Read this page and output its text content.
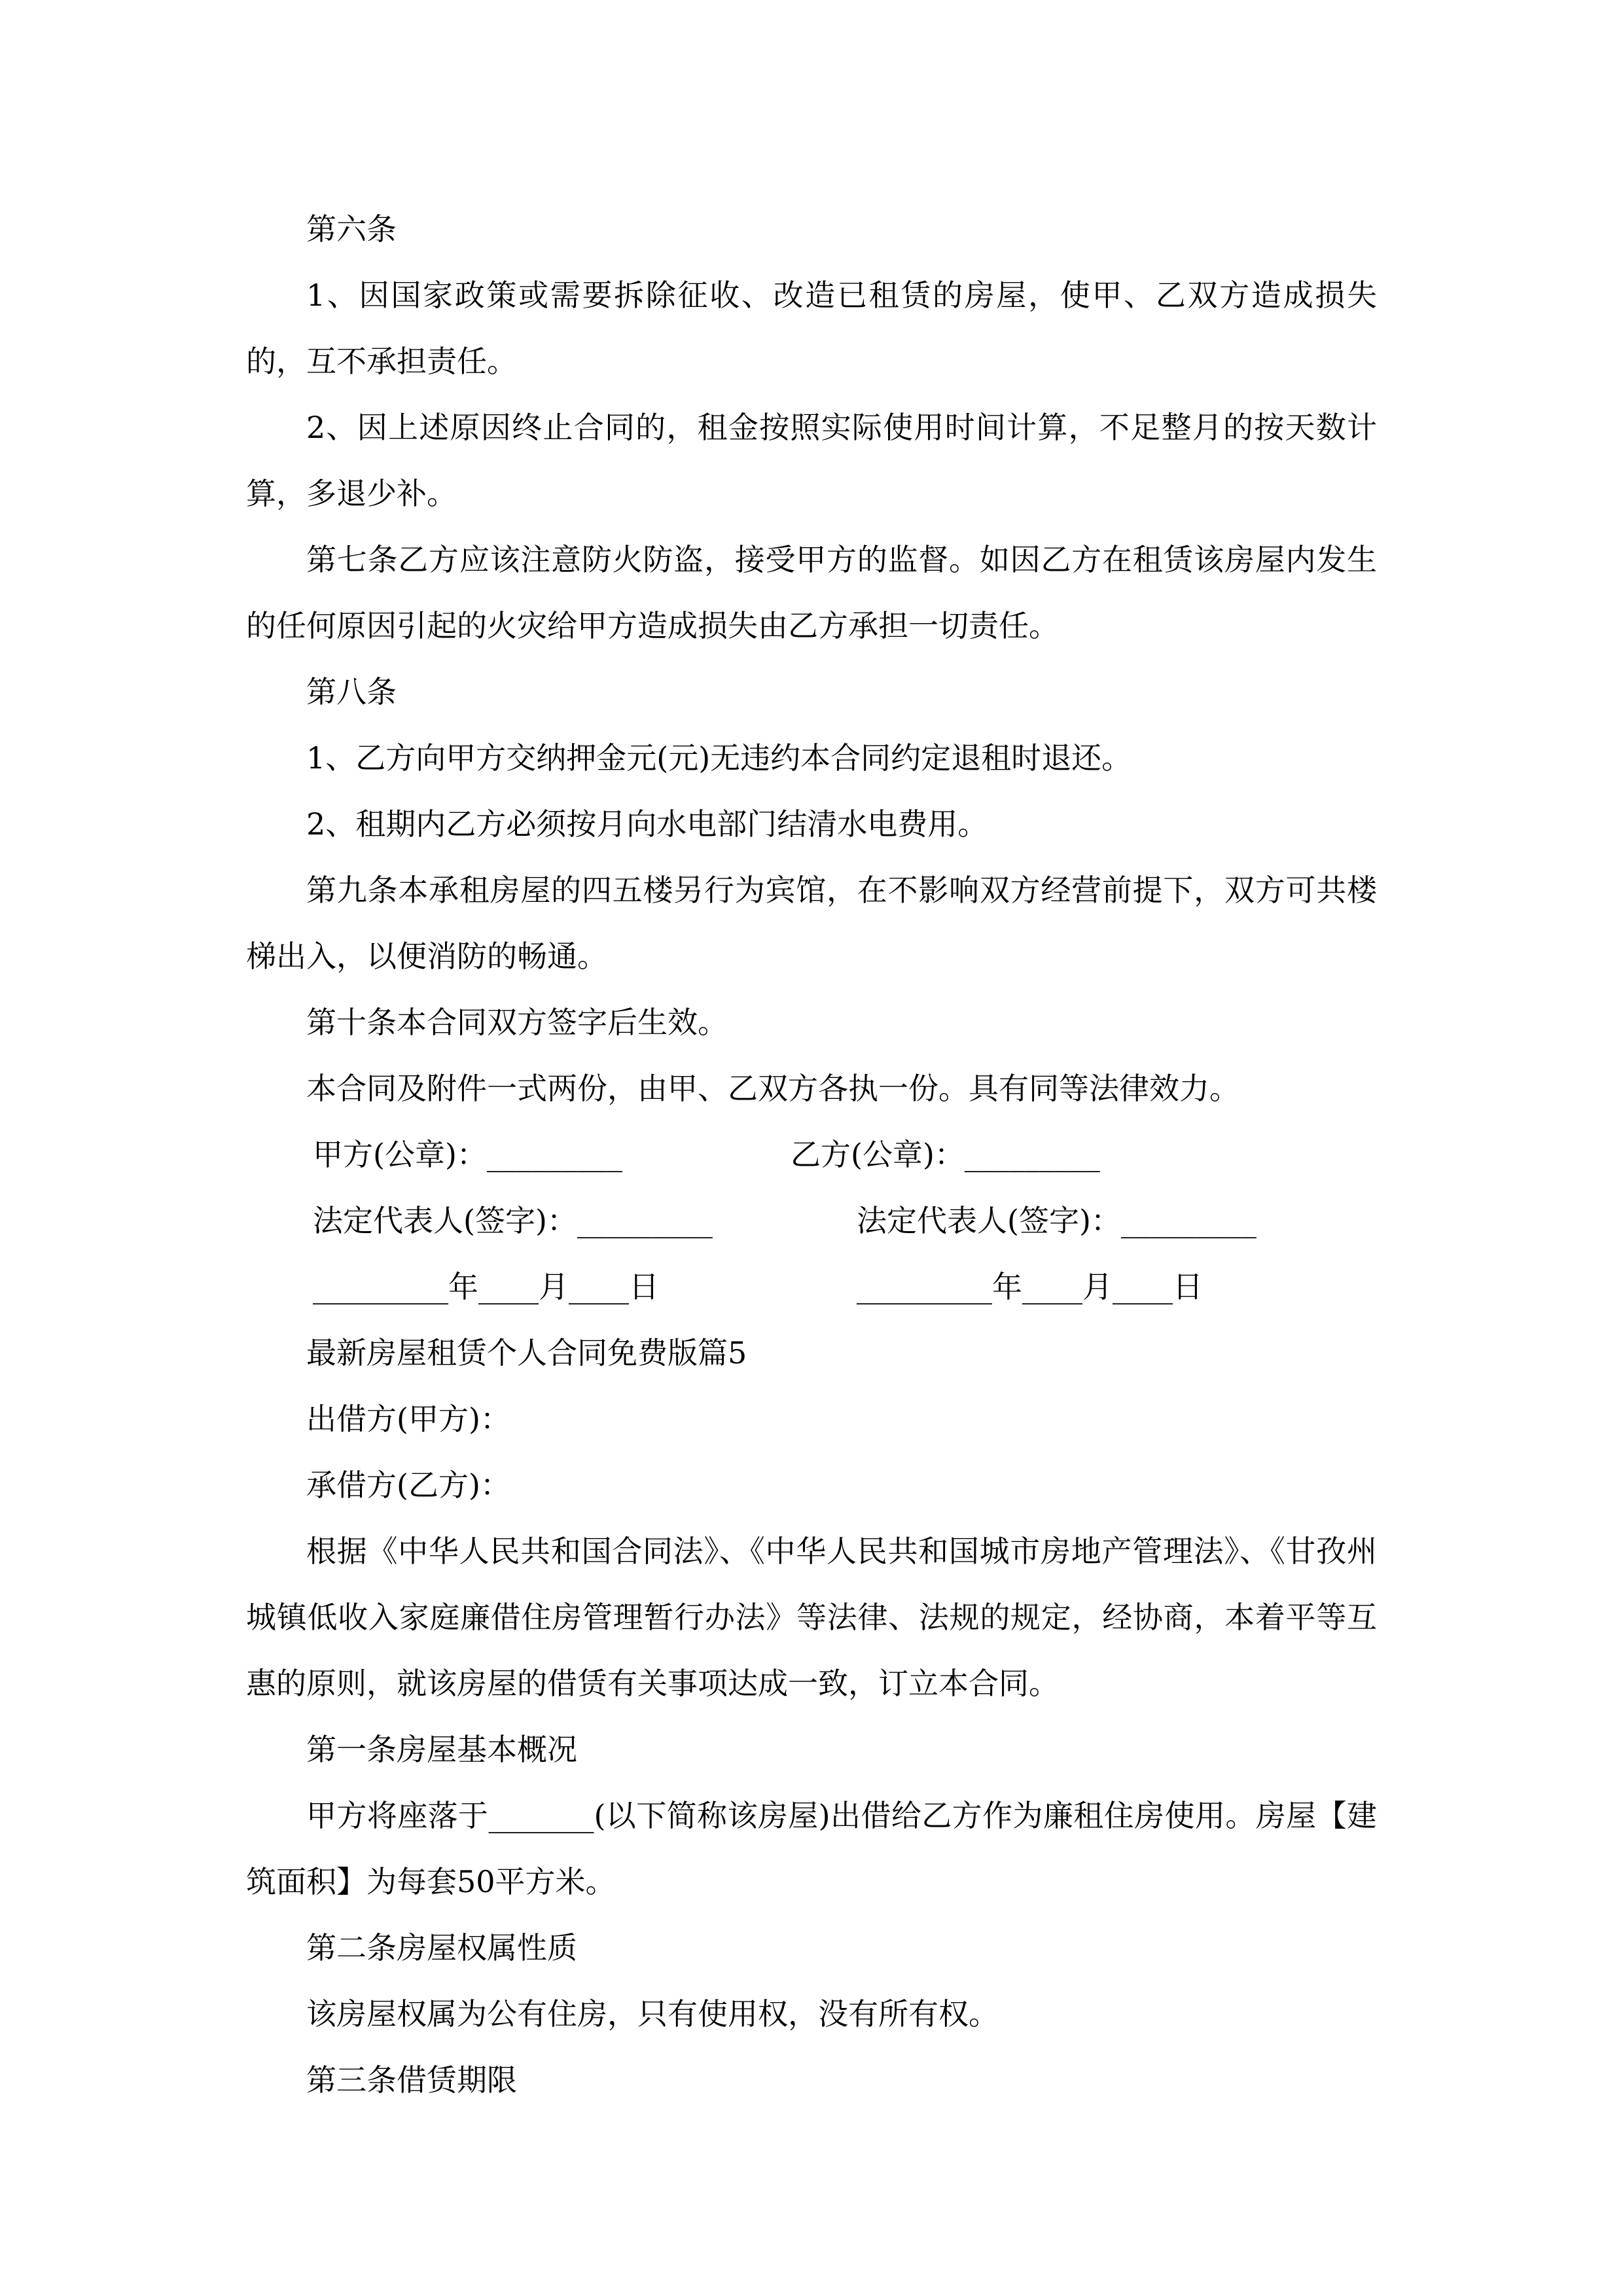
第六条

1、因国家政策或需要拆除征收、改造已租赁的房屋，使甲、乙双方造成损失的，互不承担责任。

2、因上述原因终止合同的，租金按照实际使用时间计算，不足整月的按天数计算，多退少补。

第七条乙方应该注意防火防盗，接受甲方的监督。如因乙方在租赁该房屋内发生的任何原因引起的火灾给甲方造成损失由乙方承担一切责任。

第八条

1、乙方向甲方交纳押金元(元)无违约本合同约定退租时退还。

2、租期内乙方必须按月向水电部门结清水电费用。

第九条本承租房屋的四五楼另行为宾馆，在不影响双方经营前提下，双方可共楼梯出入，以便消防的畅通。

第十条本合同双方签字后生效。

本合同及附件一式两份，由甲、乙双方各执一份。具有同等法律效力。

甲方(公章)：_________	乙方(公章)：_________
法定代表人(签字)：_________	法定代表人(签字)：_________
_________年____月____日	_________年____月____日

最新房屋租赁个人合同免费版篇5

出借方(甲方)：

承借方(乙方)：

根据《中华人民共和国合同法》、《中华人民共和国城市房地产管理法》、《甘孜州城镇低收入家庭廉借住房管理暂行办法》等法律、法规的规定，经协商，本着平等互惠的原则，就该房屋的借赁有关事项达成一致，订立本合同。

第一条房屋基本概况

甲方将座落于_______(以下简称该房屋)出借给乙方作为廉租住房使用。房屋【建筑面积】为每套50平方米。

第二条房屋权属性质

该房屋权属为公有住房，只有使用权，没有所有权。

第三条借赁期限
